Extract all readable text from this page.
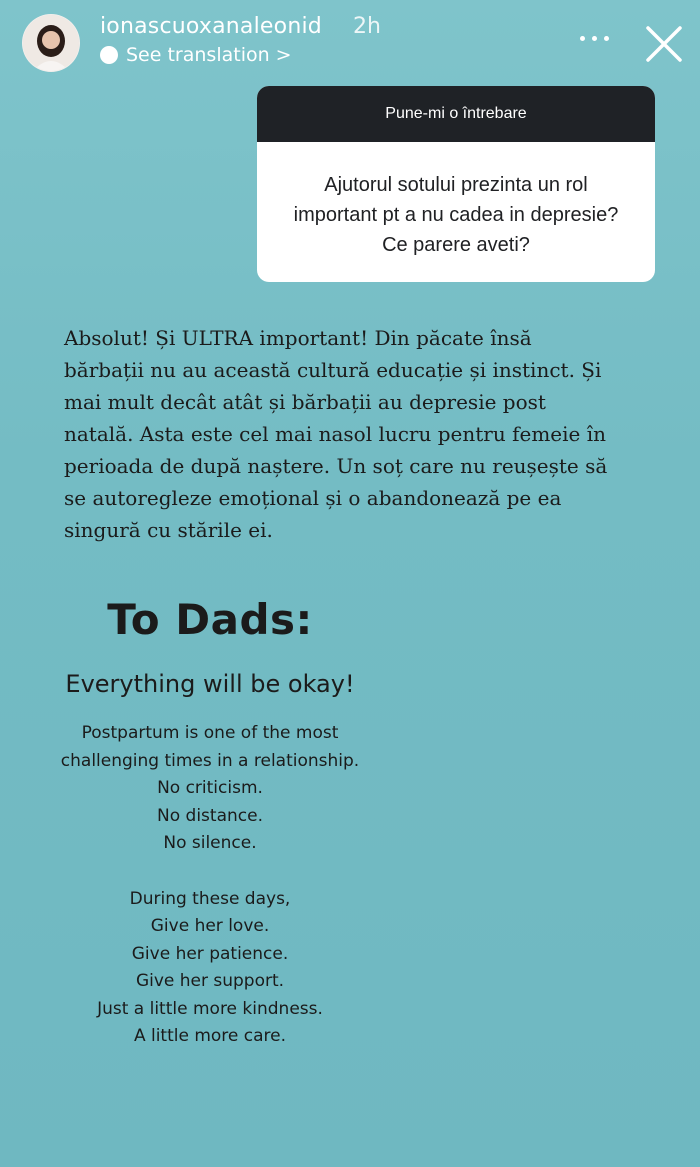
ionascuoxanaleonid 2h
See translation >
Pune-mi o întrebare
Ajutorul sotului prezinta un rol important pt a nu cadea in depresie? Ce parere aveti?
Absolut! Și ULTRA important! Din păcate însă
bărbații nu au această cultură educație și instinct. Și
mai mult decât atât și bărbații au depresie post
natală. Asta este cel mai nasol lucru pentru femeie în
perioada de după naștere. Un soț care nu reușește să
se autoregleze emoțional și o abandonează pe ea
singură cu stările ei.
To Dads:
Everything will be okay!
Postpartum is one of the most
challenging times in a relationship.
No criticism.
No distance.
No silence.
During these days,
Give her love.
Give her patience.
Give her support.
Just a little more kindness.
A little more care.
